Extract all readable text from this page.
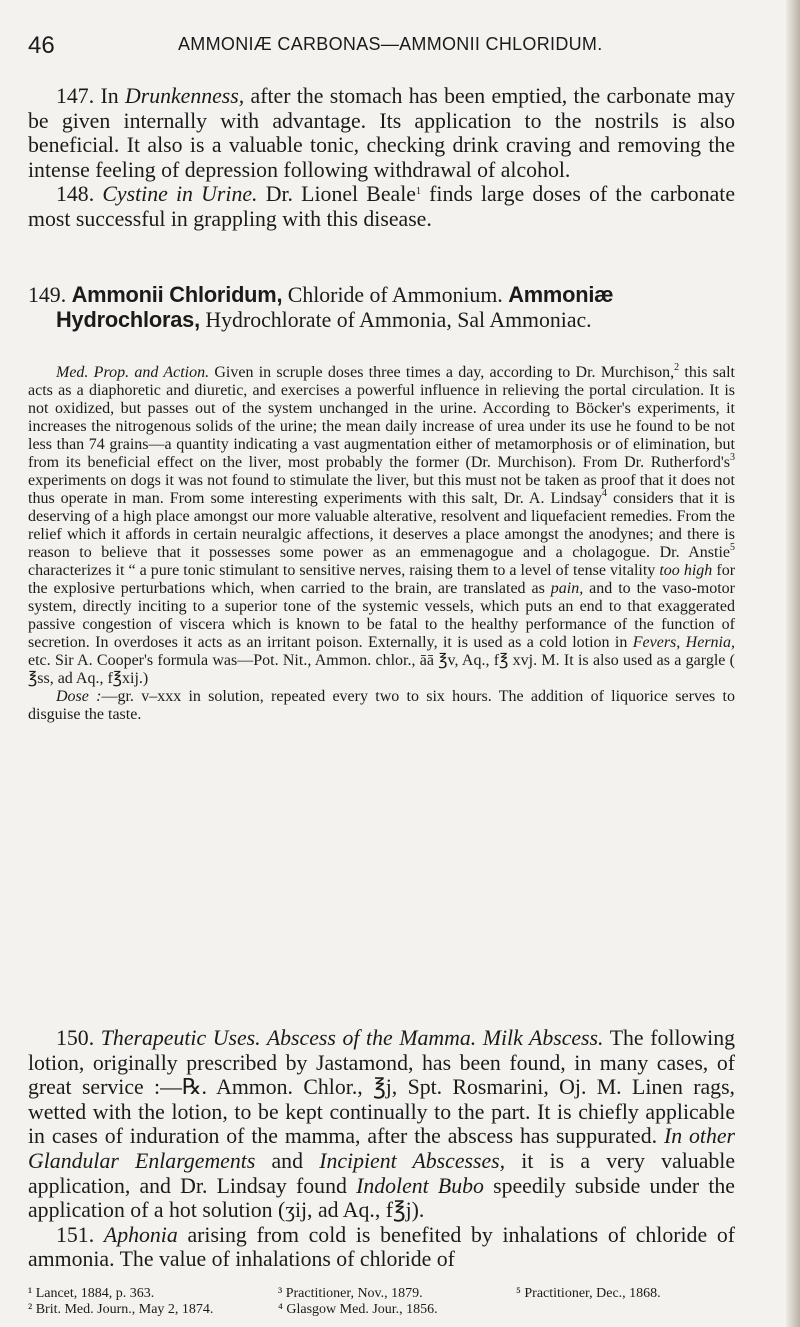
46	AMMONIÆ CARBONAS—AMMONII CHLORIDUM.

147. In Drunkenness, after the stomach has been emptied, the carbonate may be given internally with advantage. Its application to the nostrils is also beneficial. It also is a valuable tonic, checking drink craving and removing the intense feeling of depression following withdrawal of alcohol.

148. Cystine in Urine. Dr. Lionel Beale$^1$ finds large doses of the carbonate most successful in grappling with this disease.

149. Ammonii Chloridum, Chloride of Ammonium. Ammoniæ Hydrochloras, Hydrochlorate of Ammonia, Sal Ammoniac.

Med. Prop. and Action. Given in scruple doses three times a day, according to Dr. Murchison,$^2$ this salt acts as a diaphoretic and diuretic, and exercises a powerful influence in relieving the portal circulation. It is not oxidized, but passes out of the system unchanged in the urine. According to Böcker's experiments, it increases the nitrogenous solids of the urine; the mean daily increase of urea under its use he found to be not less than 74 grains—a quantity indicating a vast augmentation either of metamorphosis or of elimination, but from its beneficial effect on the liver, most probably the former (Dr. Murchison). From Dr. $Rutherford's^3$ experiments on dogs it was not found to stimulate the liver, but this must not be taken as proof that it does not thus operate in man. From some interesting experiments with this salt, Dr. A. Lindsay$^4$ considers that it is deserving of a high place amongst our more valuable alterative, resolvent and liquefacient remedies. From the relief which it affords in certain neuralgic affections, it deserves a place amongst the anodynes; and there is reason to believe that it possesses some power as an emmenagogue and a cholagogue. Dr. Anstie$^5$ characterizes it “ a pure tonic stimulant to sensitive nerves, raising them to a level of tense vitality too high for the explosive perturbations which, when carried to the brain, are translated as pain, and to the vaso-motor system, directly inciting to a superior tone of the systemic vessels, which puts an end to that exaggerated passive congestion of viscera which is known to be fatal to the healthy performance of the function of secretion. In overdoses it acts as an irritant poison. Externally, it is used as a cold lotion in Fevers, Hernia, etc. Sir A. Cooper's formula was—Pot. Nit., Ammon. chlor., āā ℥v, Aq., f℥ xvj. M. It is also used as a gargle ( ℥ss, ad Aq., f℥xij.)

Dose :—gr. v–xxx in solution, repeated every two to six hours. The addition of liquorice serves to disguise the taste.

150. Therapeutic Uses. Abscess of the Mamma. Milk Abscess. The following lotion, originally prescribed by Jastamond, has been found, in many cases, of great service :—℞. Ammon. Chlor., ℥j, Spt. Rosmarini, Oj. M. Linen rags, wetted with the lotion, to be kept continually to the part. It is chiefly applicable in cases of induration of the mamma, after the abscess has suppurated. In other Glandular Enlargements and Incipient Abscesses, it is a very valuable application, and Dr. Lindsay found Indolent Bubo speedily subside under the application of a hot solution (ʒij, ad Aq., f℥j).

151. Aphonia arising from cold is benefited by inhalations of chloride of ammonia. The value of inhalations of chloride of

¹ Lancet, 1884, p. 363.	³ Practitioner, Nov., 1879.	⁵ Practitioner, Dec., 1868.
² Brit. Med. Journ., May 2, 1874.	⁴ Glasgow Med. Jour., 1856.
